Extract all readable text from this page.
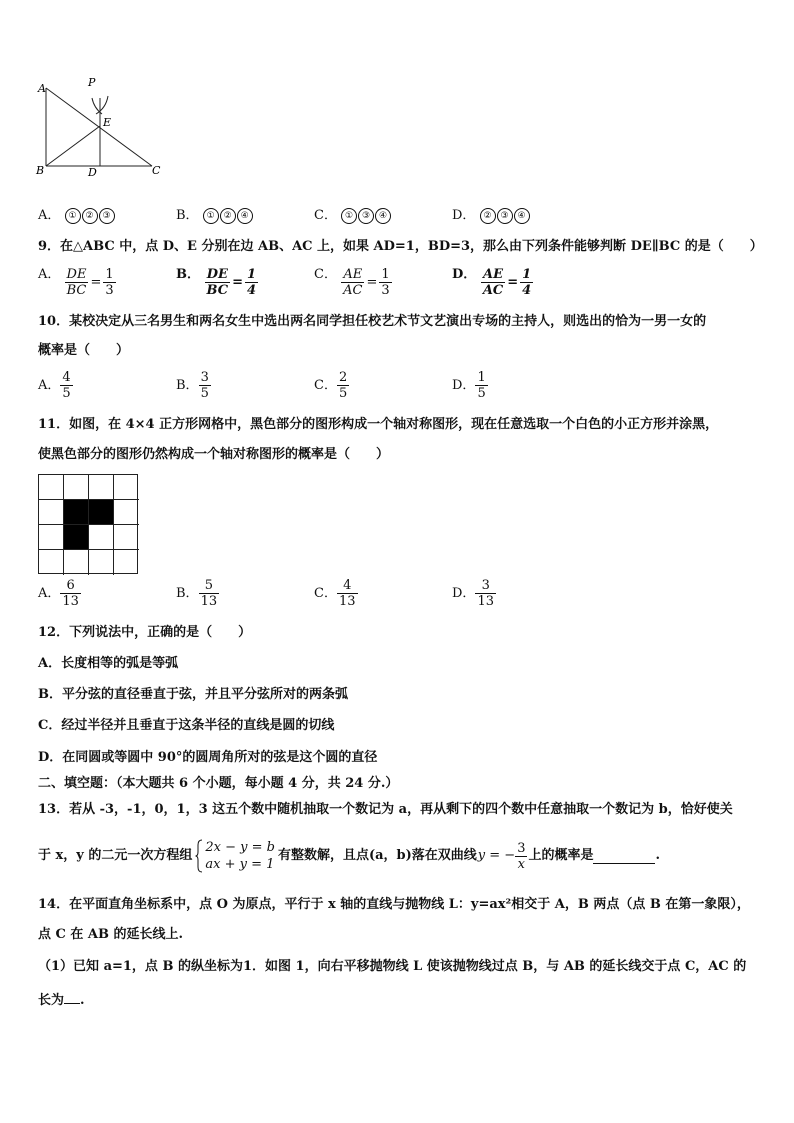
A	P
E
B	D	C
A． ① ② ③	B． ① ② ④	C． ① ③ ④	D． ② ③ ④
9．在△ABC 中，点 D、E 分别在边 AB、AC 上，如果 AD=1，BD=3，那么由下列条件能够判断 DE∥BC 的是（　　）
A． $\frac{DE}{BC} = \frac{1}{3}$	B． $\frac{DE}{BC} = \frac{1}{4}$	C． $\frac{AE}{AC} = \frac{1}{3}$	D． $\frac{AE}{AC} = \frac{1}{4}$
10．某校决定从三名男生和两名女生中选出两名同学担任校艺术节文艺演出专场的主持人，则选出的恰为一男一女的
概率是（　　）
A． $\frac{4}{5}$	B． $\frac{3}{5}$	C． $\frac{2}{5}$	D． $\frac{1}{5}$
11．如图，在 4×4 正方形网格中，黑色部分的图形构成一个轴对称图形，现在任意选取一个白色的小正方形并涂黑，
使黑色部分的图形仍然构成一个轴对称图形的概率是（　　）
A． $\frac{6}{13}$	B． $\frac{5}{13}$	C． $\frac{4}{13}$	D． $\frac{3}{13}$
12．下列说法中，正确的是（　　）
A．长度相等的弧是等弧
B．平分弦的直径垂直于弦，并且平分弦所对的两条弧
C．经过半径并且垂直于这条半径的直线是圆的切线
D．在同圆或等圆中 90°的圆周角所对的弦是这个圆的直径
二、填空题：（本大题共 6 个小题，每小题 4 分，共 24 分.）
13．若从 -3，-1，0，1，3 这五个数中随机抽取一个数记为 a，再从剩下的四个数中任意抽取一个数记为 b，恰好使关
于 x，y 的二元一次方程组
2x − y = b
ax + y = 1
有整数解，且点(a，b)落在双曲线 y = − $\frac{3}{x}$ 上的概率是	.
14．在平面直角坐标系中，点 O 为原点，平行于 x 轴的直线与抛物线 L：y=ax²相交于 A，B 两点（点 B 在第一象限），
点 C 在 AB 的延长线上.
（1）已知 a=1，点 B 的纵坐标为1．如图 1，向右平移抛物线 L 使该抛物线过点 B，与 AB 的延长线交于点 C，AC 的
长为 .
